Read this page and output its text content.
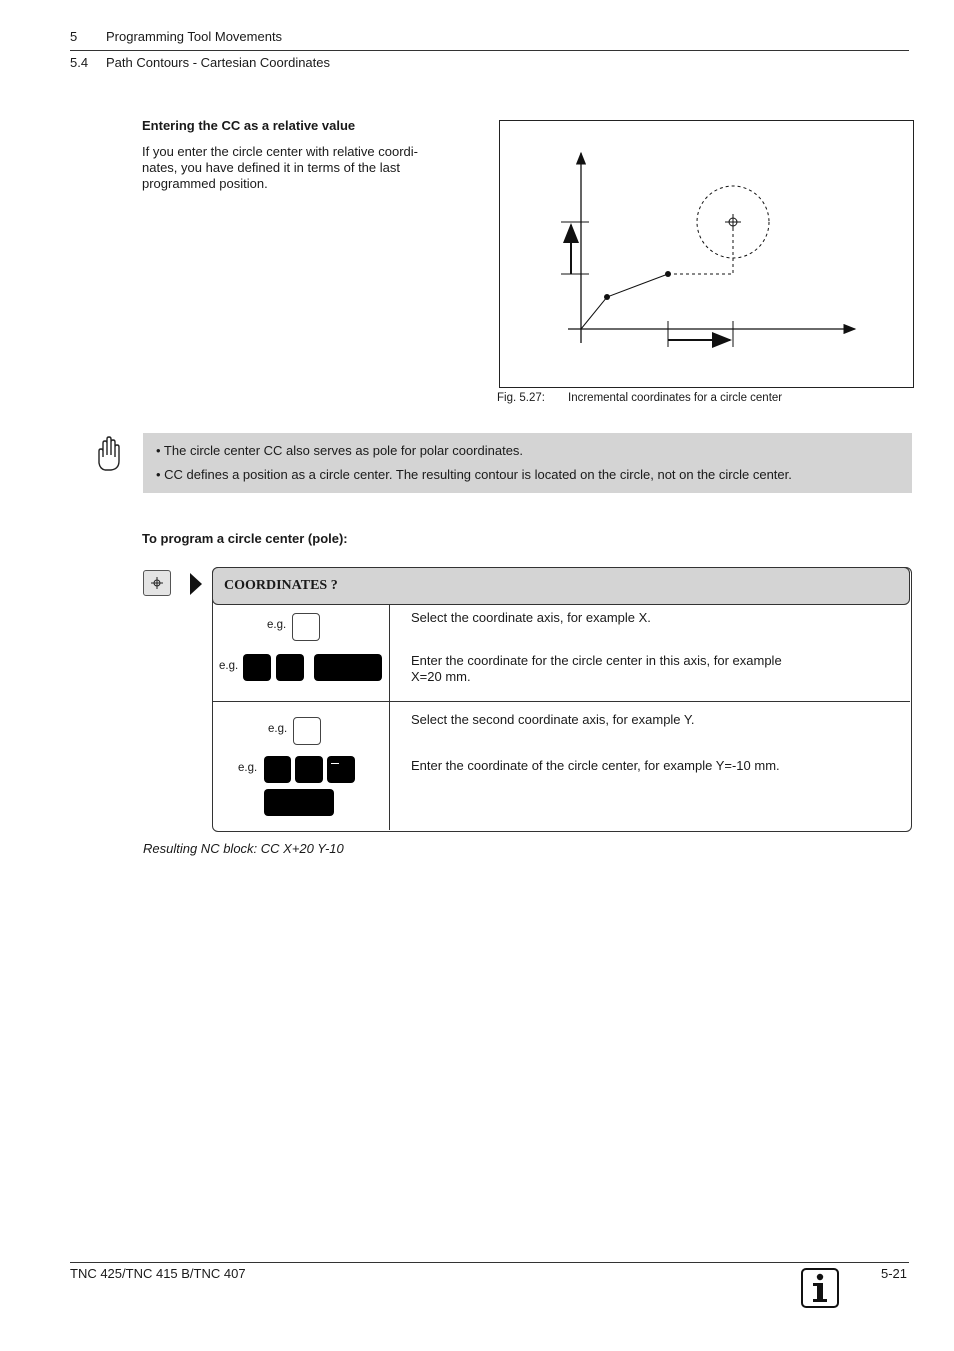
5 Programming Tool Movements
5.4 Path Contours - Cartesian Coordinates
Entering the CC as a relative value
If you enter the circle center with relative coordi-
nates, you have defined it in terms of the last
programmed position.
Fig. 5.27: Incremental coordinates for a circle center
• The circle center CC also serves as pole for polar coordinates.
• CC defines a position as a circle center. The resulting contour is located on the circle, not on the circle center.
To program a circle center (pole):
COORDINATES ?
e.g.
e.g.
Select the coordinate axis, for example X.
Enter the coordinate for the circle center in this axis, for example
X=20 mm.
e.g.
e.g.
Select the second coordinate axis, for example Y.
Enter the coordinate of the circle center, for example Y=-10 mm.
Resulting NC block: CC X+20 Y-10
TNC 425/TNC 415 B/TNC 407	5-21
